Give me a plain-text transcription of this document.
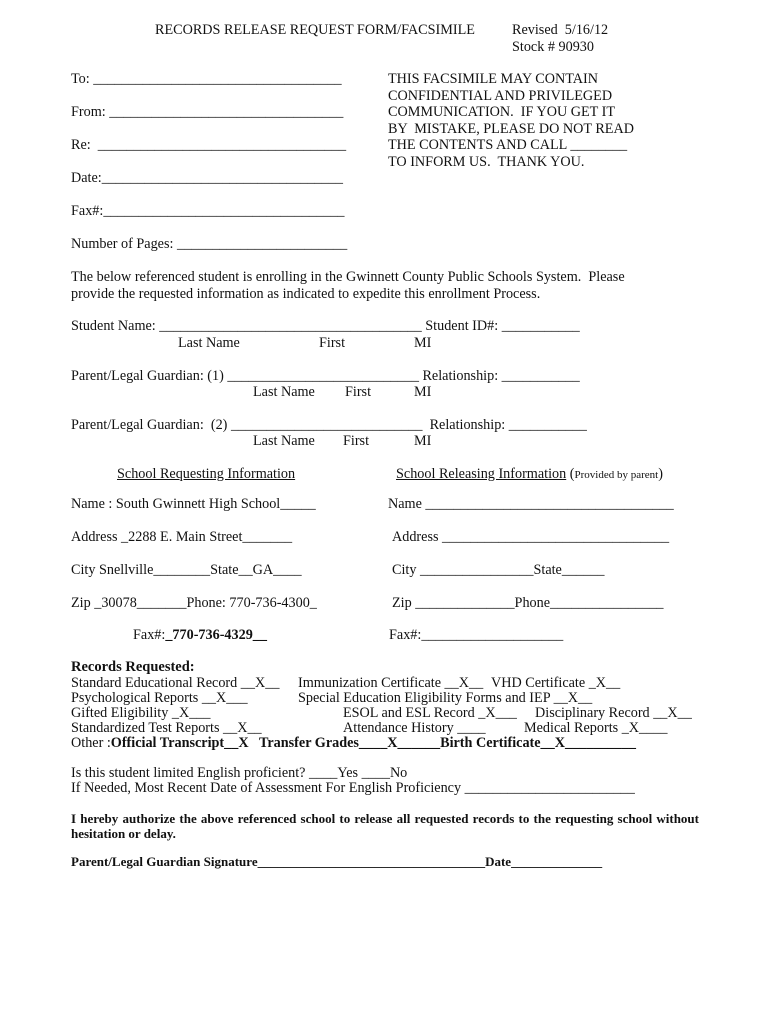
RECORDS RELEASE REQUEST FORM/FACSIMILE	Revised  5/16/12
Stock # 90930
To: ___________________________________
From: _________________________________
Re:  ___________________________________
Date:__________________________________
Fax#:__________________________________
Number of Pages: ________________________
THIS FACSIMILE MAY CONTAIN
CONFIDENTIAL AND PRIVILEGED
COMMUNICATION.  IF YOU GET IT
BY  MISTAKE, PLEASE DO NOT READ
THE CONTENTS AND CALL ________
TO INFORM US.  THANK YOU.
The below referenced student is enrolling in the Gwinnett County Public Schools System.  Please
provide the requested information as indicated to expedite this enrollment Process.
Student Name: _____________________________________ Student ID#: ___________
Last Name	First	MI
Parent/Legal Guardian: (1) ___________________________ Relationship: ___________
Last Name First	MI
Parent/Legal Guardian:  (2) ___________________________  Relationship: ___________
Last Name First	MI
School Requesting Information
Name : South Gwinnett High School_____
Address _2288 E. Main Street_______
City Snellville________State__GA____
Zip _30078_______Phone: 770-736-4300_
Fax#:_770-736-4329__
School Releasing Information (Provided by parent)
Name ___________________________________
Address ________________________________
City ________________State______
Zip ______________Phone________________
Fax#:____________________
Records Requested:
Standard Educational Record __X__ Immunization Certificate __X__ VHD Certificate _X__
Psychological Reports __X___	Special Education Eligibility Forms and IEP __X__
Gifted Eligibility _X___	ESOL and ESL Record _X___ Disciplinary Record __X__
Standardized Test Reports __X__	Attendance History ____	Medical Reports _X____
Other :Official Transcript__X   Transfer Grades____X______Birth Certificate__X__________
Is this student limited English proficient? ____Yes ____No
If Needed, Most Recent Date of Assessment For English Proficiency ________________________
I hereby authorize the above referenced school to release all requested records to the requesting school without hesitation or delay.
Parent/Legal Guardian Signature___________________________________Date______________
